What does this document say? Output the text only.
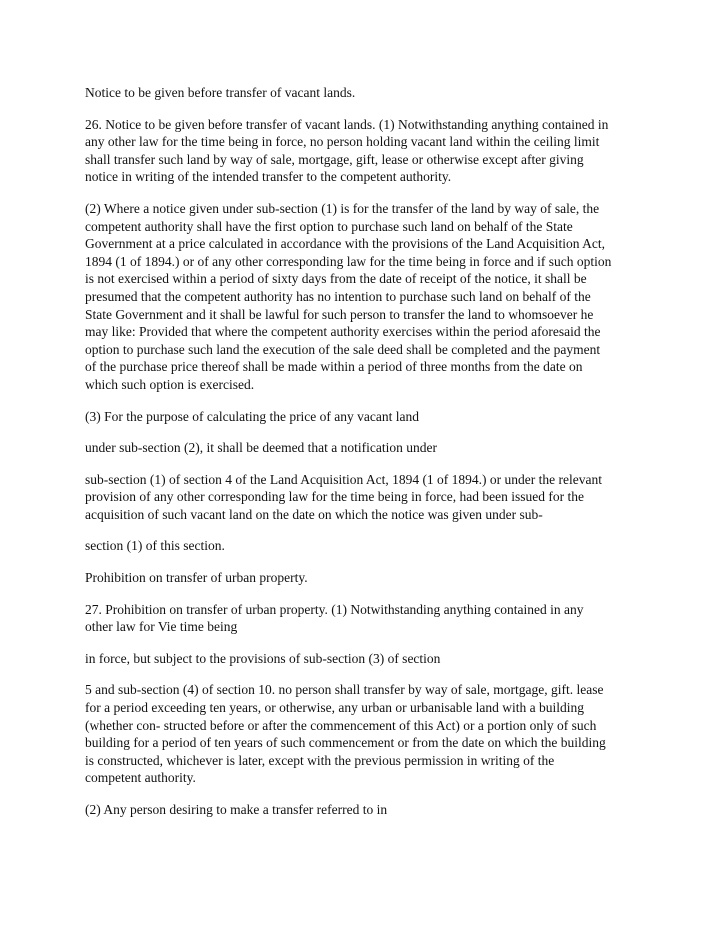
Notice to be given before transfer of vacant lands.

26. Notice to be given before transfer of vacant lands. (1) Notwithstanding anything contained in
any other law for the time being in force, no person holding vacant land within the ceiling limit
shall transfer such land by way of sale, mortgage, gift, lease or otherwise except after giving
notice in writing of the intended transfer to the competent authority.

(2) Where a notice given under sub-section (1) is for the transfer of the land by way of sale, the
competent authority shall have the first option to purchase such land on behalf of the State
Government at a price calculated in accordance with the provisions of the Land Acquisition Act,
1894 (1 of 1894.) or of any other corresponding law for the time being in force and if such option
is not exercised within a period of sixty days from the date of receipt of the notice, it shall be
presumed that the competent authority has no intention to purchase such land on behalf of the
State Government and it shall be lawful for such person to transfer the land to whomsoever he
may like: Provided that where the competent authority exercises within the period aforesaid the
option to purchase such land the execution of the sale deed shall be completed and the payment
of the purchase price thereof shall be made within a period of three months from the date on
which such option is exercised.

(3) For the purpose of calculating the price of any vacant land

under sub-section (2), it shall be deemed that a notification under

sub-section (1) of section 4 of the Land Acquisition Act, 1894 (1 of 1894.) or under the relevant
provision of any other corresponding law for the time being in force, had been issued for the
acquisition of such vacant land on the date on which the notice was given under sub-

section (1) of this section.

Prohibition on transfer of urban property.

27. Prohibition on transfer of urban property. (1) Notwithstanding anything contained in any
other law for Vie time being

in force, but subject to the provisions of sub-section (3) of section

5 and sub-section (4) of section 10. no person shall transfer by way of sale, mortgage, gift. lease
for a period exceeding ten years, or otherwise, any urban or urbanisable land with a building
(whether con- structed before or after the commencement of this Act) or a portion only of such
building for a period of ten years of such commencement or from the date on which the building
is constructed, whichever is later, except with the previous permission in writing of the
competent authority.

(2) Any person desiring to make a transfer referred to in
